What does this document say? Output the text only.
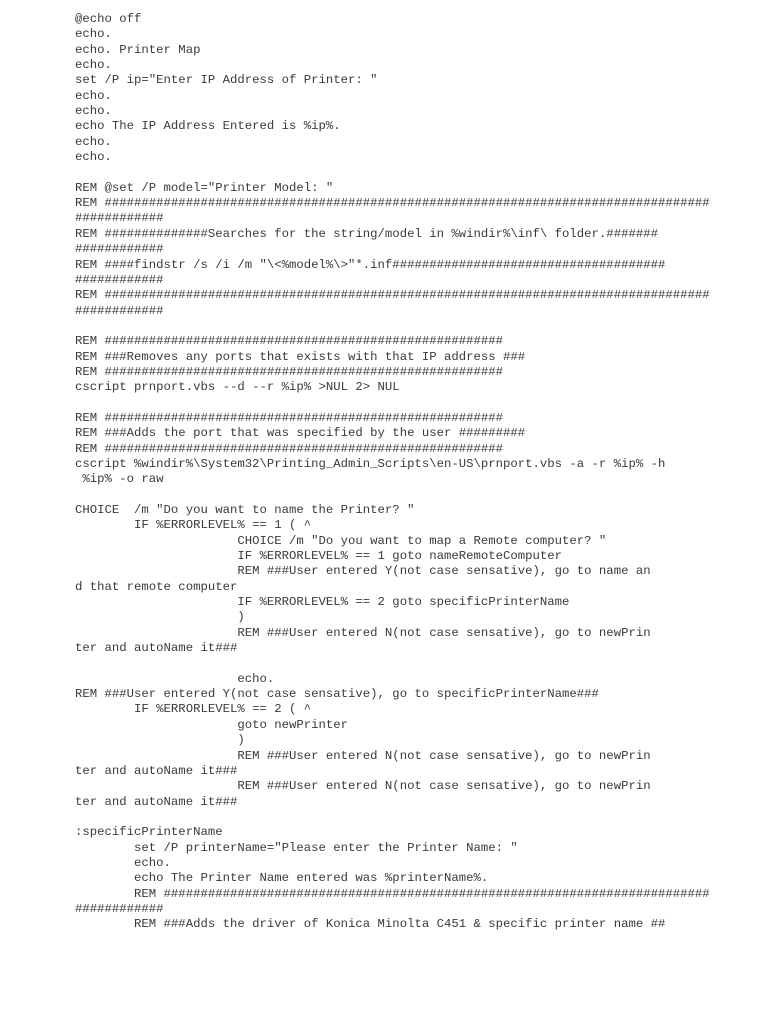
@echo off
echo.
echo. Printer Map
echo.
set /P ip="Enter IP Address of Printer: "
echo.
echo.
echo The IP Address Entered is %ip%.
echo.
echo.
REM @set /P model="Printer Model: "
REM ##################################################################################
############
REM ##############Searches for the string/model in %windir%\inf\ folder.#######
############
REM ####findstr /s /i /m "\<%model%\>"*.inf#####################################
############
REM ##################################################################################
############
REM ######################################################
REM ###Removes any ports that exists with that IP address ###
REM ######################################################
cscript prnport.vbs --d --r %ip% >NUL 2> NUL
REM ######################################################
REM ###Adds the port that was specified by the user #########
REM ######################################################
cscript %windir%\System32\Printing_Admin_Scripts\en-US\prnport.vbs -a -r %ip% -h
%ip% -o raw
CHOICE  /m "Do you want to name the Printer? "
IF %ERRORLEVEL% == 1 ( ^
CHOICE /m "Do you want to map a Remote computer? "
IF %ERRORLEVEL% == 1 goto nameRemoteComputer
REM ###User entered Y(not case sensative), go to name an
d that remote computer
IF %ERRORLEVEL% == 2 goto specificPrinterName
)
REM ###User entered N(not case sensative), go to newPrin
ter and autoName it###
echo.
REM ###User entered Y(not case sensative), go to specificPrinterName###
IF %ERRORLEVEL% == 2 ( ^
goto newPrinter
)
REM ###User entered N(not case sensative), go to newPrin
ter and autoName it###
REM ###User entered N(not case sensative), go to newPrin
ter and autoName it###
:specificPrinterName
set /P printerName="Please enter the Printer Name: "
echo.
echo The Printer Name entered was %printerName%.
REM ##########################################################################
############
REM ###Adds the driver of Konica Minolta C451 & specific printer name ##
